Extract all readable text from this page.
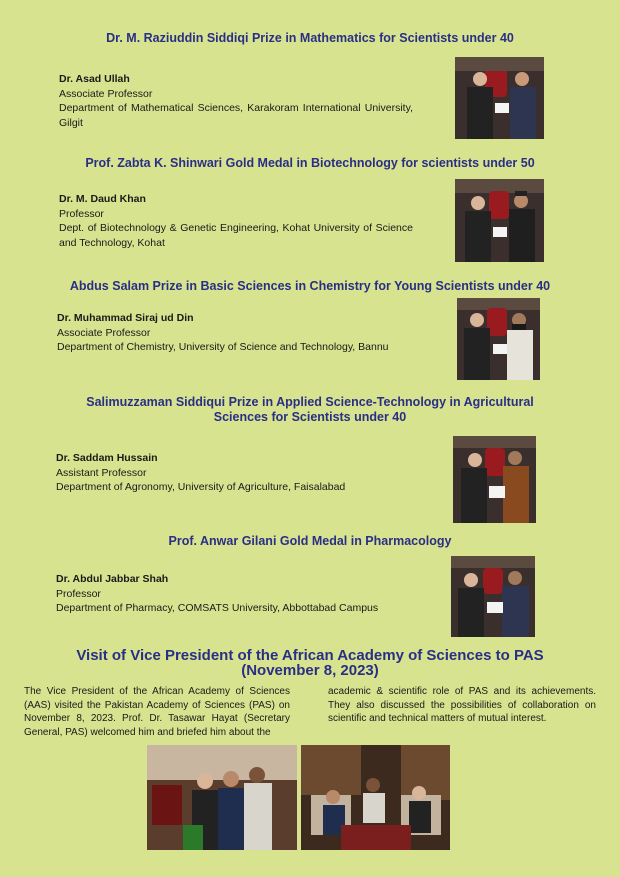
Dr. M. Raziuddin Siddiqi Prize in Mathematics for Scientists under 40
Dr. Asad Ullah
Associate Professor
Department of Mathematical Sciences, Karakoram International University, Gilgit
Prof. Zabta K. Shinwari Gold Medal in Biotechnology for scientists under 50
Dr. M. Daud Khan
Professor
Dept. of Biotechnology & Genetic Engineering, Kohat University of Science and Technology, Kohat
Abdus Salam Prize in Basic Sciences in Chemistry for Young Scientists under 40
Dr. Muhammad Siraj ud Din
Associate Professor
Department of Chemistry, University of Science and Technology, Bannu
Salimuzzaman Siddiqui Prize in Applied Science-Technology in Agricultural
Sciences for Scientists under 40
Dr. Saddam Hussain
Assistant Professor
Department of Agronomy, University of Agriculture, Faisalabad
Prof. Anwar Gilani Gold Medal in Pharmacology
Dr. Abdul Jabbar Shah
Professor
Department of Pharmacy, COMSATS University, Abbottabad Campus
Visit of Vice President of the African Academy of Sciences to PAS
(November 8, 2023)
The Vice President of the African Academy of Sciences (AAS) visited the Pakistan Academy of Sciences (PAS) on November 8, 2023. Prof. Dr. Tasawar Hayat (Secretary General, PAS) welcomed him and briefed him about the
academic & scientific role of PAS and its achievements. They also discussed the possibilities of collaboration on scientific and technical matters of mutual interest.
